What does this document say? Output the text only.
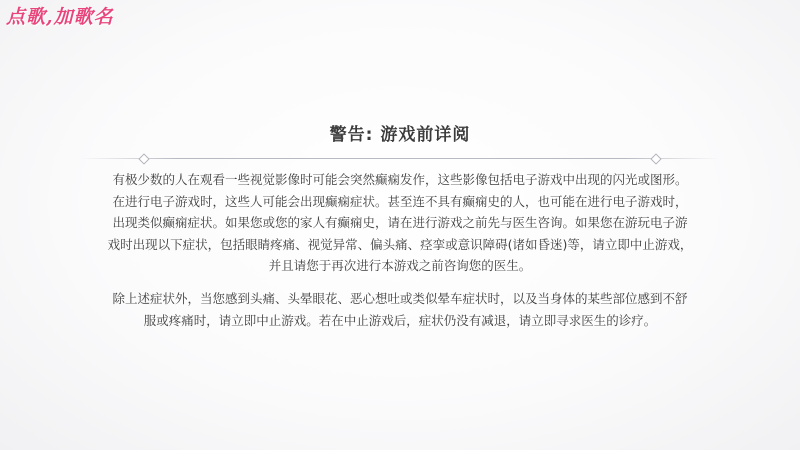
点歌,加歌名
警告: 游戏前详阅

有极少数的人在观看一些视觉影像时可能会突然癫痫发作，这些影像包括电子游戏中出现的闪光或图形。

在进行电子游戏时，这些人可能会出现癫痫症状。甚至连不具有癫痫史的人，也可能在进行电子游戏时，

出现类似癫痫症状。如果您或您的家人有癫痫史，请在进行游戏之前先与医生咨询。如果您在游玩电子游

戏时出现以下症状，包括眼睛疼痛、视觉异常、偏头痛、痉挛或意识障碍(诸如昏迷)等，请立即中止游戏，

并且请您于再次进行本游戏之前咨询您的医生。

除上述症状外，当您感到头痛、头晕眼花、恶心想吐或类似晕车症状时，以及当身体的某些部位感到不舒

服或疼痛时，请立即中止游戏。若在中止游戏后，症状仍没有减退，请立即寻求医生的诊疗。
